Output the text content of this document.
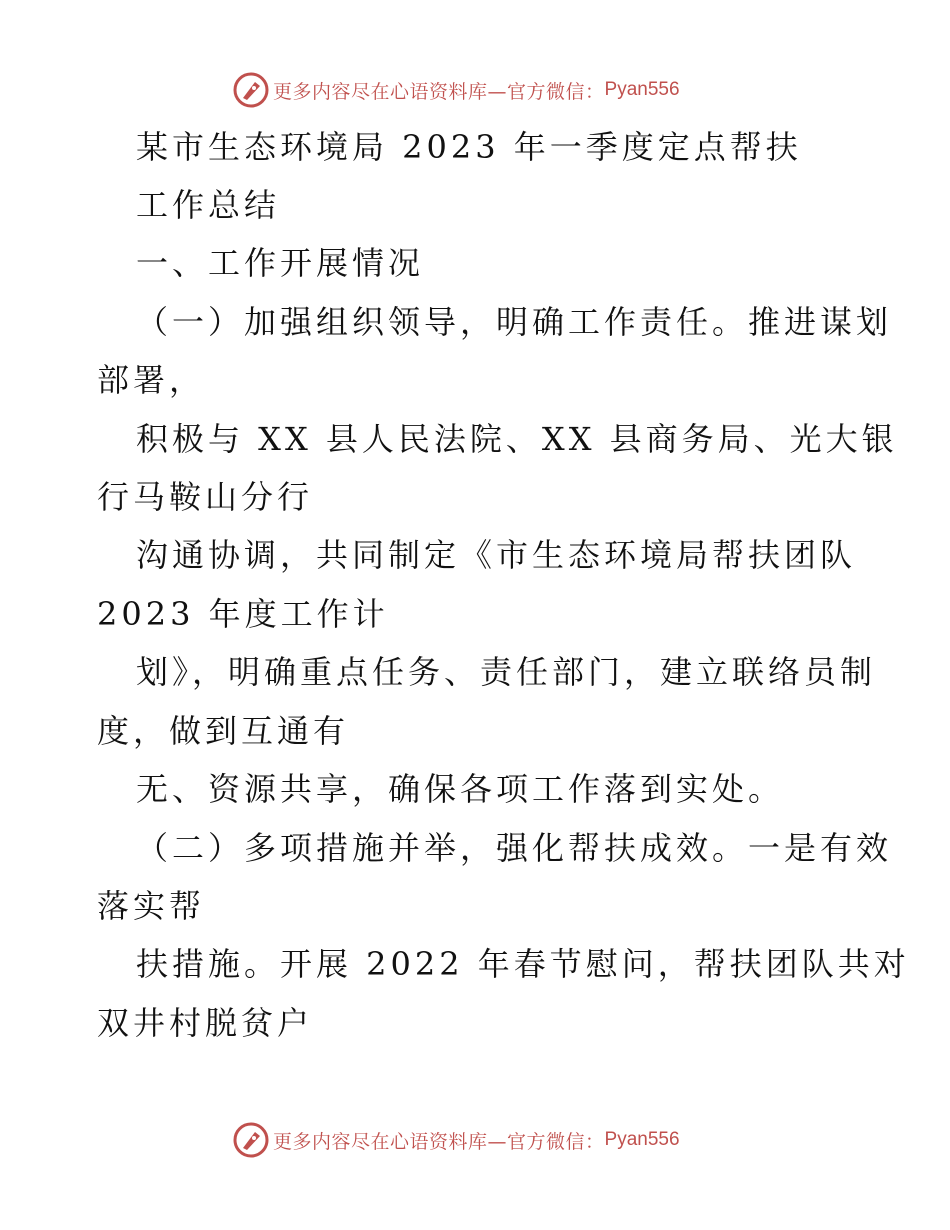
更多内容尽在心语资料库—官方微信： Pyan556
某市生态环境局 2023 年一季度定点帮扶
工作总结
一、工作开展情况
（一）加强组织领导，明确工作责任。推进谋划
部署，
积极与 XX 县人民法院、XX 县商务局、光大银
行马鞍山分行
沟通协调，共同制定《市生态环境局帮扶团队
2023 年度工作计
划》，明确重点任务、责任部门，建立联络员制
度，做到互通有
无、资源共享，确保各项工作落到实处。
（二）多项措施并举，强化帮扶成效。一是有效
落实帮
扶措施。开展 2022 年春节慰问，帮扶团队共对
双井村脱贫户
更多内容尽在心语资料库—官方微信： Pyan556
